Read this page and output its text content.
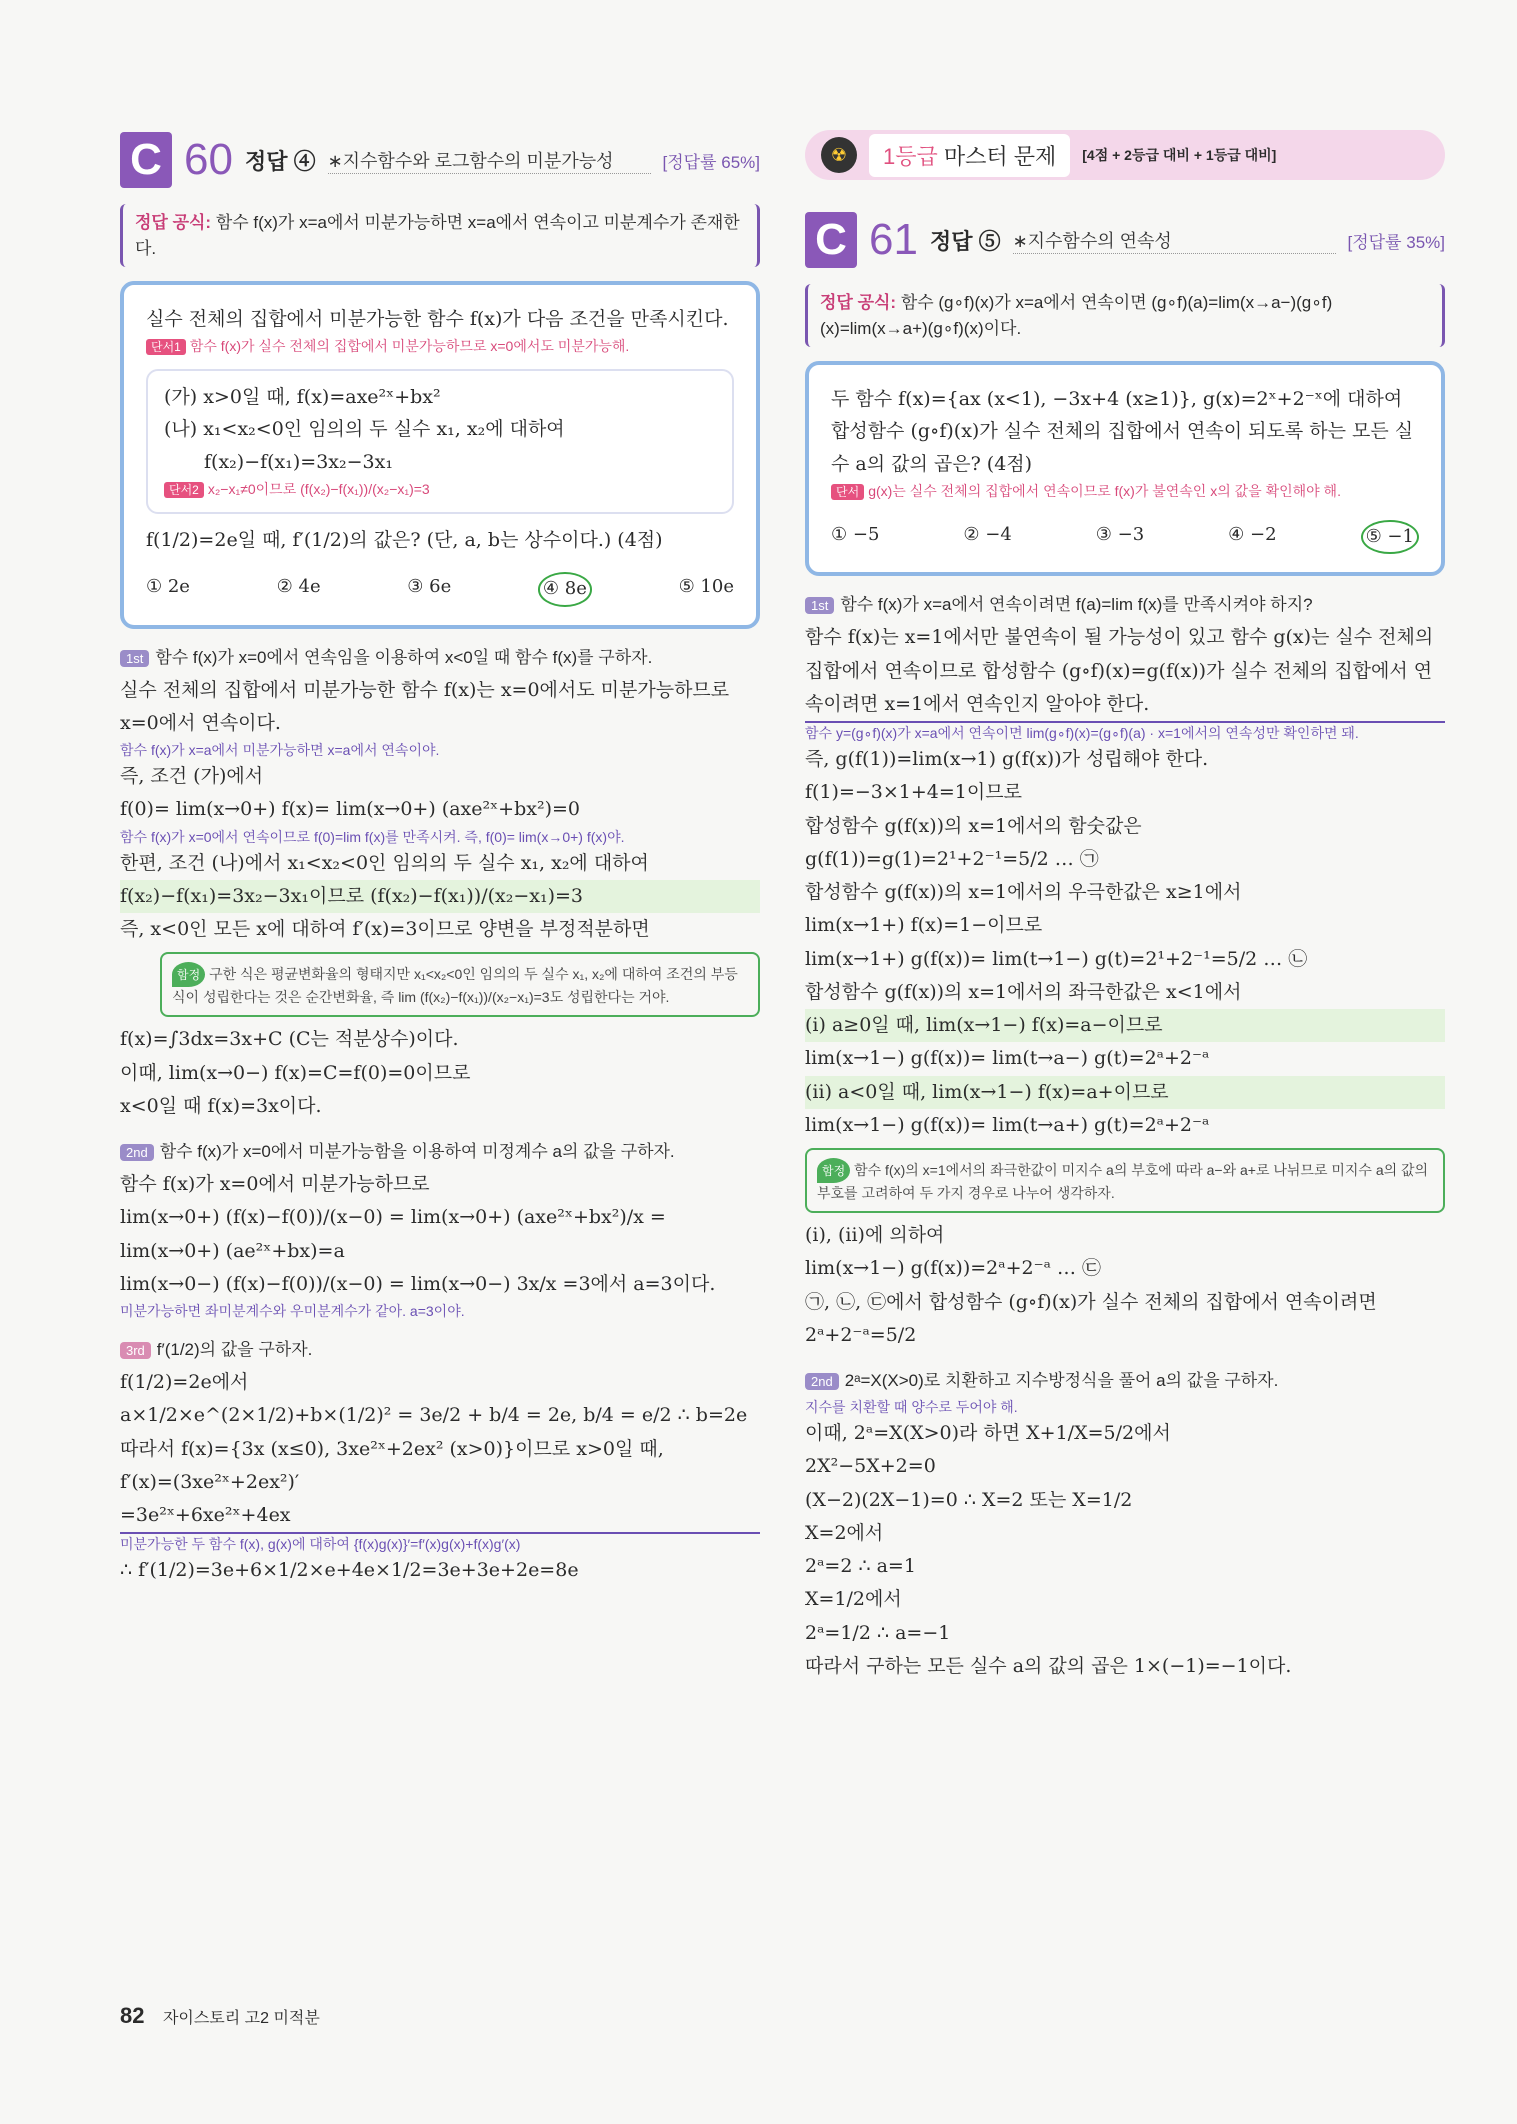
C 60 정답 ④ ∗지수함수와 로그함수의 미분가능성	[정답률 65%]
정답 공식: 함수 f(x)가 x=a에서 미분가능하면 x=a에서 연속이고 미분계수가 존재한다.
실수 전체의 집합에서 미분가능한 함수 f(x)가 다음 조건을 만족시킨다.
단서1 함수 f(x)가 실수 전체의 집합에서 미분가능하므로 x=0에서도 미분가능해.
(가) x>0일 때, f(x)=axe²ˣ+bx²
(나) x₁<x₂<0인 임의의 두 실수 x₁, x₂에 대하여
f(x₂)−f(x₁)=3x₂−3x₁
단서2 x₂−x₁≠0이므로 (f(x₂)−f(x₁))/(x₂−x₁)=3
f(1/2)=2e일 때, f′(1/2)의 값은? (단, a, b는 상수이다.) (4점)
① 2e	② 4e	③ 6e	④ 8e	⑤ 10e
1st 함수 f(x)가 x=0에서 연속임을 이용하여 x<0일 때 함수 f(x)를 구하자.
실수 전체의 집합에서 미분가능한 함수 f(x)는 x=0에서도 미분가능하므로 x=0에서 연속이다.
함수 f(x)가 x=a에서 미분가능하면 x=a에서 연속이야.
즉, 조건 (가)에서
f(0)= lim(x→0+) f(x)= lim(x→0+) (axe²ˣ+bx²)=0
함수 f(x)가 x=0에서 연속이므로 f(0)=lim f(x)를 만족시켜. 즉, f(0)= lim(x→0+) f(x)야.
한편, 조건 (나)에서 x₁<x₂<0인 임의의 두 실수 x₁, x₂에 대하여
f(x₂)−f(x₁)=3x₂−3x₁이므로 (f(x₂)−f(x₁))/(x₂−x₁)=3
즉, x<0인 모든 x에 대하여 f′(x)=3이므로 양변을 부정적분하면
함정 구한 식은 평균변화율의 형태지만 x₁<x₂<0인 임의의 두 실수 x₁, x₂에 대하여 조건의 부등식이 성립한다는 것은 순간변화율, 즉 lim (f(x₂)−f(x₁))/(x₂−x₁)=3도 성립한다는 거야.
f(x)=∫3dx=3x+C (C는 적분상수)이다.
이때, lim(x→0−) f(x)=C=f(0)=0이므로
x<0일 때 f(x)=3x이다.
2nd 함수 f(x)가 x=0에서 미분가능함을 이용하여 미정계수 a의 값을 구하자.
함수 f(x)가 x=0에서 미분가능하므로
lim(x→0+) (f(x)−f(0))/(x−0) = lim(x→0+) (axe²ˣ+bx²)/x = lim(x→0+) (ae²ˣ+bx)=a
lim(x→0−) (f(x)−f(0))/(x−0) = lim(x→0−) 3x/x =3에서 a=3이다.
미분가능하면 좌미분계수와 우미분계수가 같아. a=3이야.
3rd f′(1/2)의 값을 구하자.
f(1/2)=2e에서
a×1/2×e^(2×1/2)+b×(1/2)² = 3e/2 + b/4 = 2e, b/4 = e/2 ∴ b=2e
따라서 f(x)={3x (x≤0), 3xe²ˣ+2ex² (x>0)}이므로 x>0일 때,
f′(x)=(3xe²ˣ+2ex²)′
=3e²ˣ+6xe²ˣ+4ex
미분가능한 두 함수 f(x), g(x)에 대하여 {f(x)g(x)}′=f′(x)g(x)+f(x)g′(x)
∴ f′(1/2)=3e+6×1/2×e+4e×1/2=3e+3e+2e=8e
☢	1등급 마스터 문제	[4점 + 2등급 대비 + 1등급 대비]
C 61 정답 ⑤ ∗지수함수의 연속성	[정답률 35%]
정답 공식: 함수 (g∘f)(x)가 x=a에서 연속이면 (g∘f)(a)=lim(x→a−)(g∘f)(x)=lim(x→a+)(g∘f)(x)이다.
두 함수 f(x)={ax (x<1), −3x+4 (x≥1)}, g(x)=2ˣ+2⁻ˣ에 대하여
합성함수 (g∘f)(x)가 실수 전체의 집합에서 연속이 되도록 하는 모든 실수 a의 값의 곱은? (4점)
단서 g(x)는 실수 전체의 집합에서 연속이므로 f(x)가 불연속인 x의 값을 확인해야 해.
① −5	② −4	③ −3	④ −2	⑤ −1
1st 함수 f(x)가 x=a에서 연속이려면 f(a)=lim f(x)를 만족시켜야 하지?
함수 f(x)는 x=1에서만 불연속이 될 가능성이 있고 함수 g(x)는 실수 전체의 집합에서 연속이므로 합성함수 (g∘f)(x)=g(f(x))가 실수 전체의 집합에서 연속이려면 x=1에서 연속인지 알아야 한다.
함수 y=(g∘f)(x)가 x=a에서 연속이면 lim(g∘f)(x)=(g∘f)(a) · x=1에서의 연속성만 확인하면 돼.
즉, g(f(1))=lim(x→1) g(f(x))가 성립해야 한다.
f(1)=−3×1+4=1이므로
합성함수 g(f(x))의 x=1에서의 함숫값은
g(f(1))=g(1)=2¹+2⁻¹=5/2 … ㉠
합성함수 g(f(x))의 x=1에서의 우극한값은 x≥1에서
lim(x→1+) f(x)=1−이므로
lim(x→1+) g(f(x))= lim(t→1−) g(t)=2¹+2⁻¹=5/2 … ㉡
합성함수 g(f(x))의 x=1에서의 좌극한값은 x<1에서
(i) a≥0일 때, lim(x→1−) f(x)=a−이므로
lim(x→1−) g(f(x))= lim(t→a−) g(t)=2ᵃ+2⁻ᵃ
(ii) a<0일 때, lim(x→1−) f(x)=a+이므로
lim(x→1−) g(f(x))= lim(t→a+) g(t)=2ᵃ+2⁻ᵃ
함정 함수 f(x)의 x=1에서의 좌극한값이 미지수 a의 부호에 따라 a−와 a+로 나뉘므로 미지수 a의 값의 부호를 고려하여 두 가지 경우로 나누어 생각하자.
(i), (ii)에 의하여
lim(x→1−) g(f(x))=2ᵃ+2⁻ᵃ … ㉢
㉠, ㉡, ㉢에서 합성함수 (g∘f)(x)가 실수 전체의 집합에서 연속이려면
2ᵃ+2⁻ᵃ=5/2
2nd 2ᵃ=X(X>0)로 치환하고 지수방정식을 풀어 a의 값을 구하자.
지수를 치환할 때 양수로 두어야 해.
이때, 2ᵃ=X(X>0)라 하면 X+1/X=5/2에서
2X²−5X+2=0
(X−2)(2X−1)=0 ∴ X=2 또는 X=1/2
X=2에서
2ᵃ=2 ∴ a=1
X=1/2에서
2ᵃ=1/2 ∴ a=−1
따라서 구하는 모든 실수 a의 값의 곱은 1×(−1)=−1이다.
82 자이스토리 고2 미적분
